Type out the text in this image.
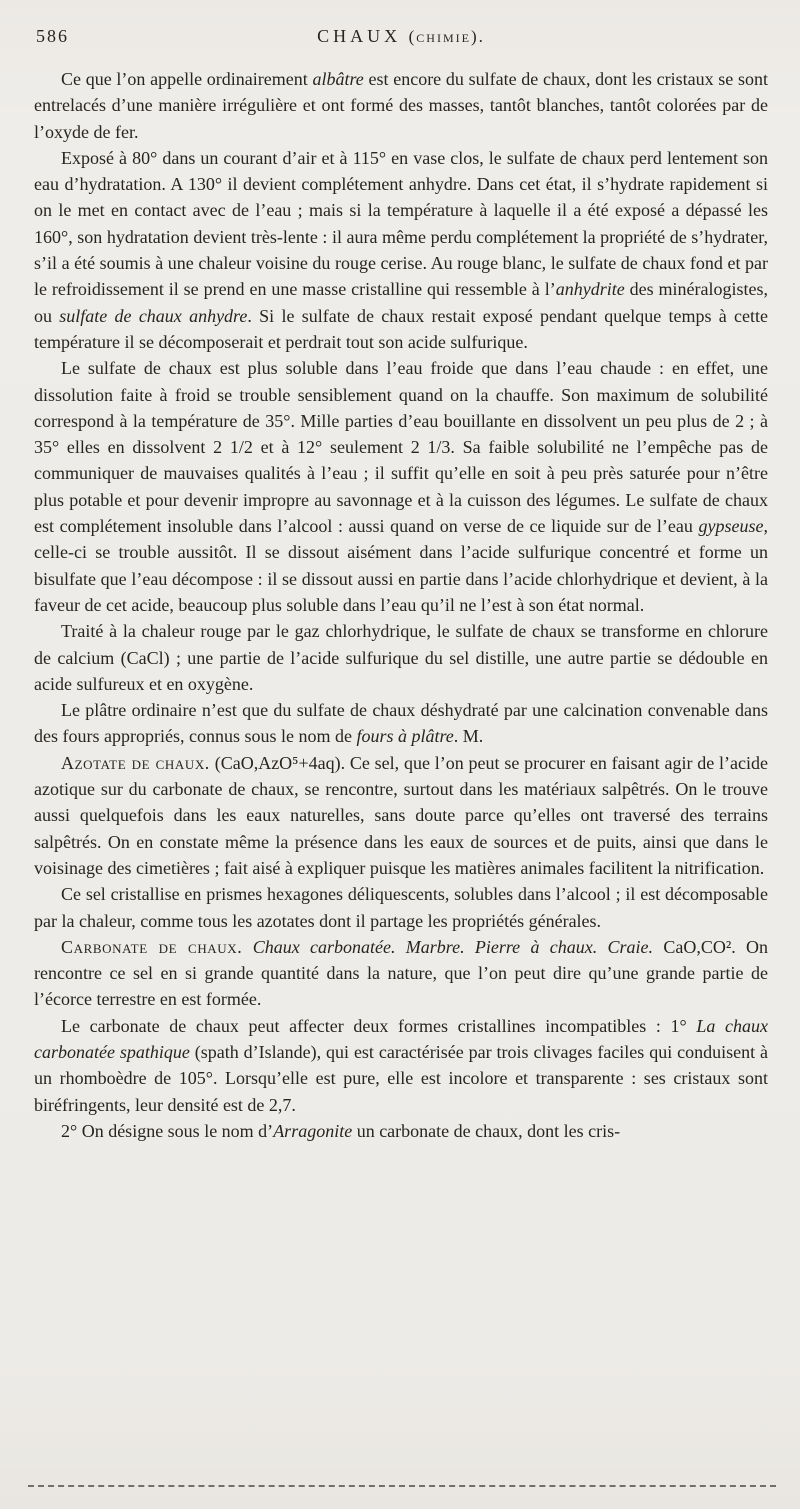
586	CHAUX (chimie).

Ce que l’on appelle ordinairement albâtre est encore du sulfate de chaux, dont les cristaux se sont entrelacés d’une manière irrégulière et ont formé des masses, tantôt blanches, tantôt colorées par de l’oxyde de fer.

Exposé à 80° dans un courant d’air et à 115° en vase clos, le sulfate de chaux perd lentement son eau d’hydratation. A 130° il devient complétement anhydre. Dans cet état, il s’hydrate rapidement si on le met en contact avec de l’eau ; mais si la température à laquelle il a été exposé a dépassé les 160°, son hydratation devient très-lente : il aura même perdu complétement la propriété de s’hydrater, s’il a été soumis à une chaleur voisine du rouge cerise. Au rouge blanc, le sulfate de chaux fond et par le refroidissement il se prend en une masse cristalline qui ressemble à l’anhydrite des minéralogistes, ou sulfate de chaux anhydre. Si le sulfate de chaux restait exposé pendant quelque temps à cette température il se décomposerait et perdrait tout son acide sulfurique.

Le sulfate de chaux est plus soluble dans l’eau froide que dans l’eau chaude : en effet, une dissolution faite à froid se trouble sensiblement quand on la chauffe. Son maximum de solubilité correspond à la température de 35°. Mille parties d’eau bouillante en dissolvent un peu plus de 2 ; à 35° elles en dissolvent 2 1/2 et à 12° seulement 2 1/3. Sa faible solubilité ne l’empêche pas de communiquer de mauvaises qualités à l’eau ; il suffit qu’elle en soit à peu près saturée pour n’être plus potable et pour devenir impropre au savonnage et à la cuisson des légumes. Le sulfate de chaux est complétement insoluble dans l’alcool : aussi quand on verse de ce liquide sur de l’eau gypseuse, celle-ci se trouble aussitôt. Il se dissout aisément dans l’acide sulfurique concentré et forme un bisulfate que l’eau décompose : il se dissout aussi en partie dans l’acide chlorhydrique et devient, à la faveur de cet acide, beaucoup plus soluble dans l’eau qu’il ne l’est à son état normal.

Traité à la chaleur rouge par le gaz chlorhydrique, le sulfate de chaux se transforme en chlorure de calcium (CaCl) ; une partie de l’acide sulfurique du sel distille, une autre partie se dédouble en acide sulfureux et en oxygène.

Le plâtre ordinaire n’est que du sulfate de chaux déshydraté par une calcination convenable dans des fours appropriés, connus sous le nom de fours à plâtre. M.

Azotate de chaux. (CaO,AzO⁵+4aq). Ce sel, que l’on peut se procurer en faisant agir de l’acide azotique sur du carbonate de chaux, se rencontre, surtout dans les matériaux salpêtrés. On le trouve aussi quelquefois dans les eaux naturelles, sans doute parce qu’elles ont traversé des terrains salpêtrés. On en constate même la présence dans les eaux de sources et de puits, ainsi que dans le voisinage des cimetières ; fait aisé à expliquer puisque les matières animales facilitent la nitrification.

Ce sel cristallise en prismes hexagones déliquescents, solubles dans l’alcool ; il est décomposable par la chaleur, comme tous les azotates dont il partage les propriétés générales.

Carbonate de chaux. Chaux carbonatée. Marbre. Pierre à chaux. Craie. CaO,CO². On rencontre ce sel en si grande quantité dans la nature, que l’on peut dire qu’une grande partie de l’écorce terrestre en est formée.

Le carbonate de chaux peut affecter deux formes cristallines incompatibles : 1° La chaux carbonatée spathique (spath d’Islande), qui est caractérisée par trois clivages faciles qui conduisent à un rhomboèdre de 105°. Lorsqu’elle est pure, elle est incolore et transparente : ses cristaux sont biréfringents, leur densité est de 2,7.

2° On désigne sous le nom d’Arragonite un carbonate de chaux, dont les cris-
